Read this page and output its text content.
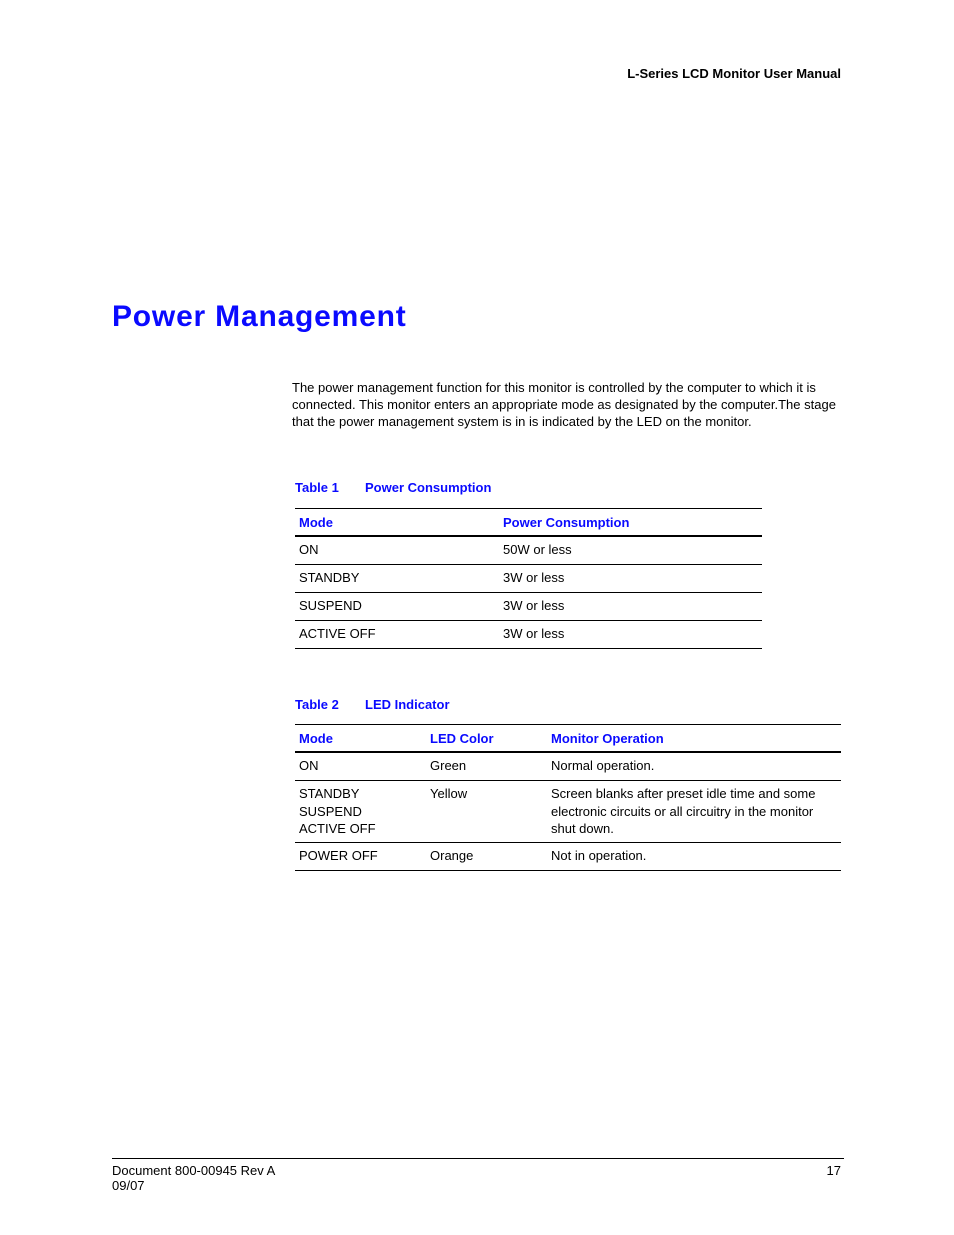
L-Series LCD Monitor User Manual
Power Management

The power management function for this monitor is controlled by the computer to which it is connected. This monitor enters an appropriate mode as designated by the computer.The stage that the power management system is in is indicated by the LED on the monitor.

Table 1 Power Consumption
Mode	Power Consumption
ON	50W or less
STANDBY	3W or less
SUSPEND	3W or less
ACTIVE OFF	3W or less
Table 2 LED Indicator
Mode	LED Color	Monitor Operation

ON	Green	Normal operation.

STANDBY
SUSPEND
ACTIVE OFF	Yellow	Screen blanks after preset idle time and some electronic circuits or all circuitry in the monitor shut down.

POWER OFF	Orange	Not in operation.
Document 800-00945 Rev A
09/07
17
